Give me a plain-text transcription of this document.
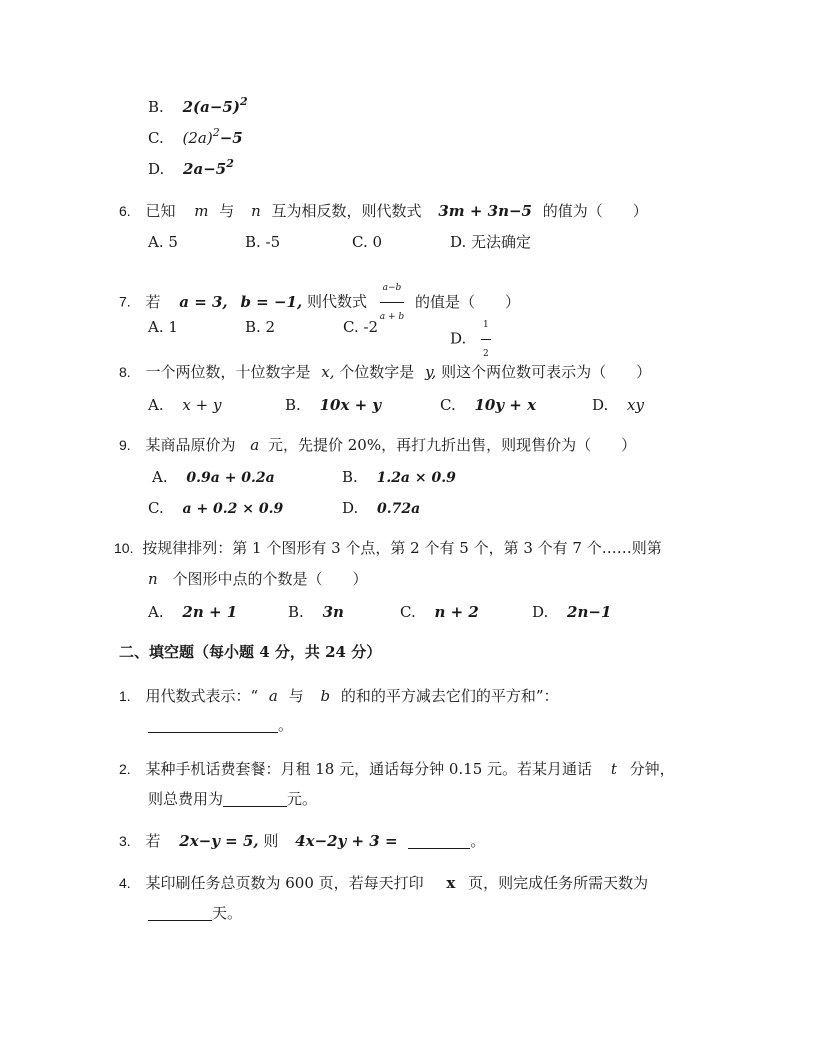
B. $2(a-5)^2$
C. $(2a)^2-5$
D. $2a-5^2$
6. 已知 m 与 n 互为相反数，则代数式 3m + 3n−5 的值为（　　）
A. 5	B. -5	C. 0	D. 无法确定
7. 若 a = 3, b = −1, 则代数式 $\frac{a-b}{a + b}$ 的值是（　　）
A. 1	B. 2	C. -2
D. $\frac{1}{2}$
8. 一个两位数，十位数字是 x, 个位数字是 y, 则这个两位数可表示为（　　）
A. x + y	B. 10x + y	C. 10y + x	D. xy
9. 某商品原价为 a 元，先提价 20%，再打九折出售，则现售价为（　　）
A. 0.9a + 0.2a	B. 1.2a × 0.9
C. a + 0.2 × 0.9	D. 0.72a
10. 按规律排列：第 1 个图形有 3 个点，第 2 个有 5 个，第 3 个有 7 个……则第
n 个图形中点的个数是（　　）
A. 2n + 1	B. 3n	C. n + 2	D. 2n−1
二、填空题（每小题 4 分，共 24 分）
1. 用代数式表示：“ a 与 b 的和的平方减去它们的平方和”：
。
2. 某种手机话费套餐：月租 18 元，通话每分钟 0.15 元。若某月通话 t 分钟，
则总费用为	元。
3. 若 2x−y = 5, 则 4x−2y + 3 =	。
4. 某印刷任务总页数为 600 页，若每天打印 x 页，则完成任务所需天数为
天。
